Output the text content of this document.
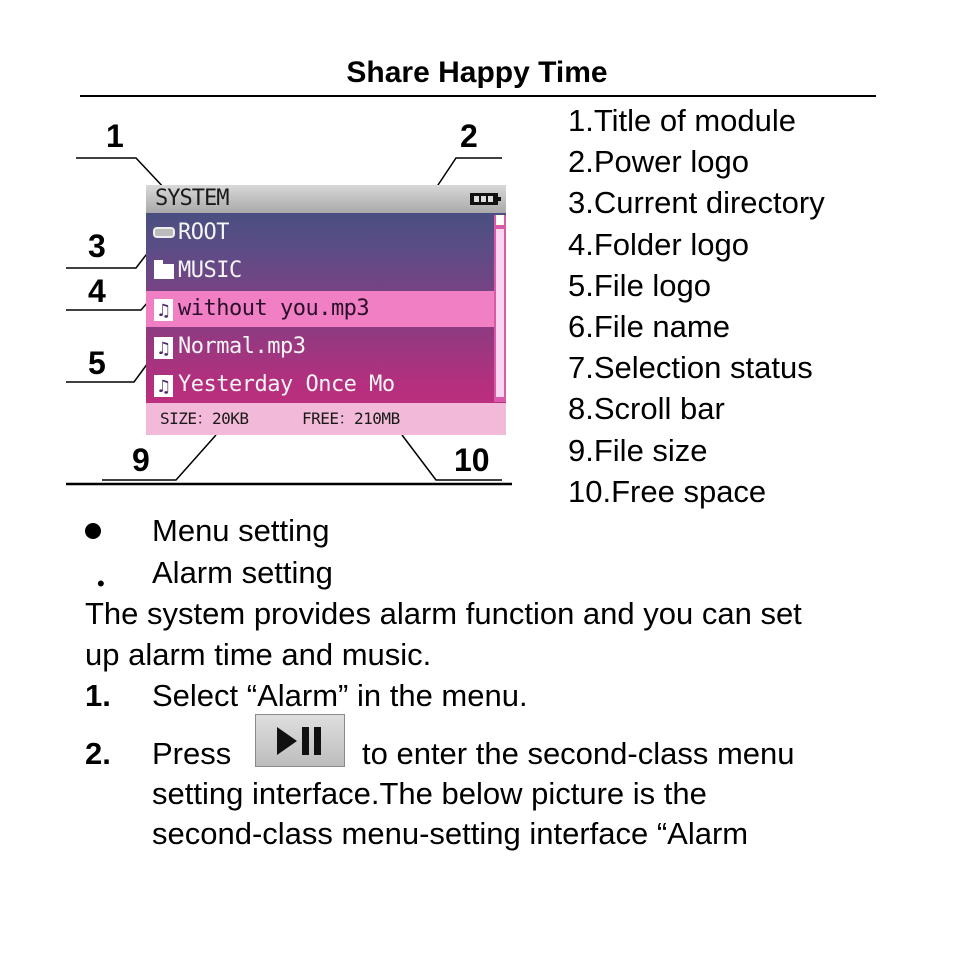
Share Happy Time
1.Title of module
2.Power logo
3.Current directory
4.Folder logo
5.File logo
6.File name
7.Selection status
8.Scroll bar
9.File size
10.Free space
1	2
3
4
5
9	10
SYSTEM
ROOT
MUSIC
♫
without you.mp3
♫
Normal.mp3
♫
Yesterday Once Mo
SIZE：20KB	FREE：210MB
Menu setting
• Alarm setting
The system provides alarm function and you can set
up alarm time and music.
1. Select “Alarm” in the menu.
2. Press	to enter the second-class menu
setting interface.The below picture is the
second-class menu-setting interface “Alarm
